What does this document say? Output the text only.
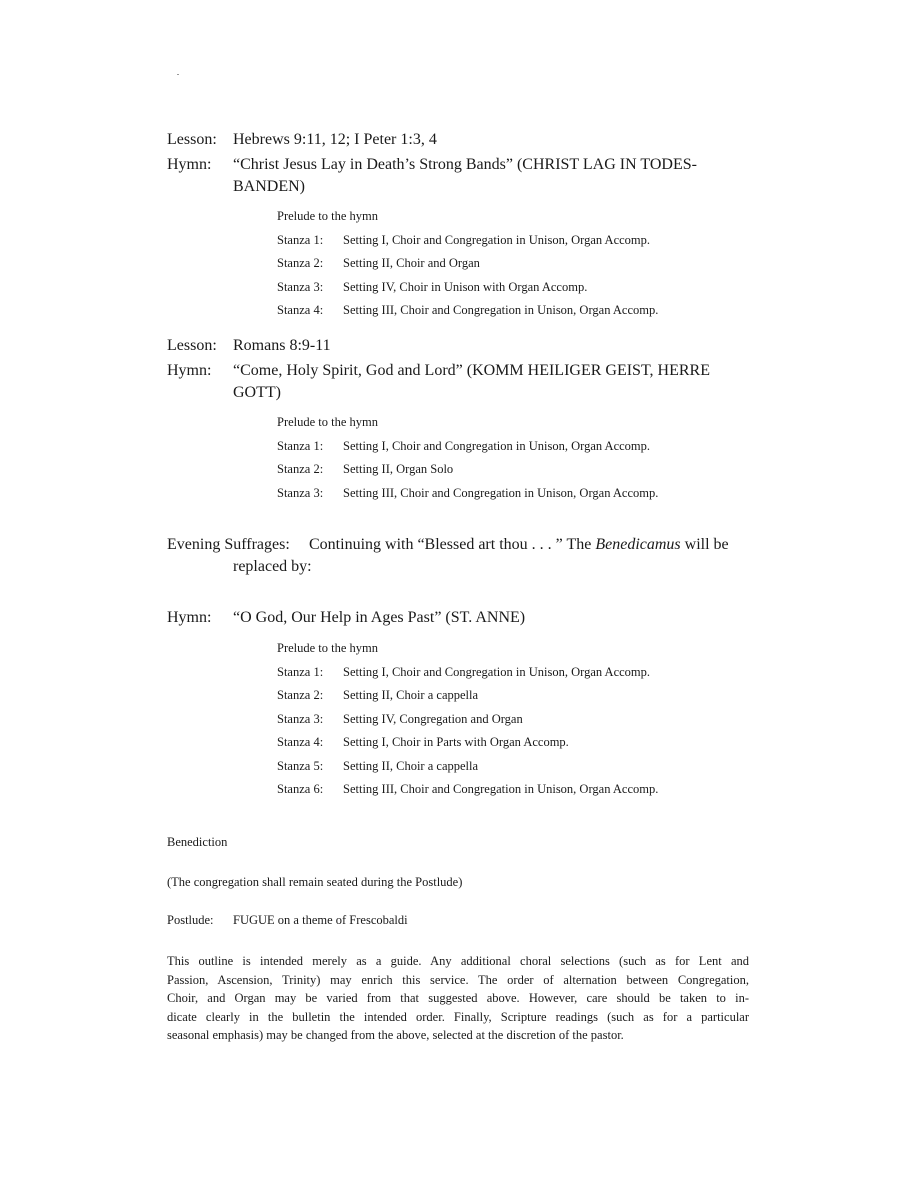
Lesson: Hebrews 9:11, 12; I Peter 1:3, 4
Hymn: “Christ Jesus Lay in Death’s Strong Bands” (CHRIST LAG IN TODES-
BANDEN)
Prelude to the hymn
Stanza 1: Setting I, Choir and Congregation in Unison, Organ Accomp.
Stanza 2: Setting II, Choir and Organ
Stanza 3: Setting IV, Choir in Unison with Organ Accomp.
Stanza 4: Setting III, Choir and Congregation in Unison, Organ Accomp.
Lesson: Romans 8:9-11
Hymn: “Come, Holy Spirit, God and Lord” (KOMM HEILIGER GEIST, HERRE
GOTT)
Prelude to the hymn
Stanza 1: Setting I, Choir and Congregation in Unison, Organ Accomp.
Stanza 2: Setting II, Organ Solo
Stanza 3: Setting III, Choir and Congregation in Unison, Organ Accomp.
Evening Suffrages: Continuing with “Blessed art thou . . . ” The Benedicamus will be
replaced by:
Hymn: “O God, Our Help in Ages Past” (ST. ANNE)
Prelude to the hymn
Stanza 1: Setting I, Choir and Congregation in Unison, Organ Accomp.
Stanza 2: Setting II, Choir a cappella
Stanza 3: Setting IV, Congregation and Organ
Stanza 4: Setting I, Choir in Parts with Organ Accomp.
Stanza 5: Setting II, Choir a cappella
Stanza 6: Setting III, Choir and Congregation in Unison, Organ Accomp.
Benediction
(The congregation shall remain seated during the Postlude)
Postlude: FUGUE on a theme of Frescobaldi
This outline is intended merely as a guide. Any additional choral selections (such as for Lent and
Passion, Ascension, Trinity) may enrich this service. The order of alternation between Congregation,
Choir, and Organ may be varied from that suggested above. However, care should be taken to in-
dicate clearly in the bulletin the intended order. Finally, Scripture readings (such as for a particular
seasonal emphasis) may be changed from the above, selected at the discretion of the pastor.
